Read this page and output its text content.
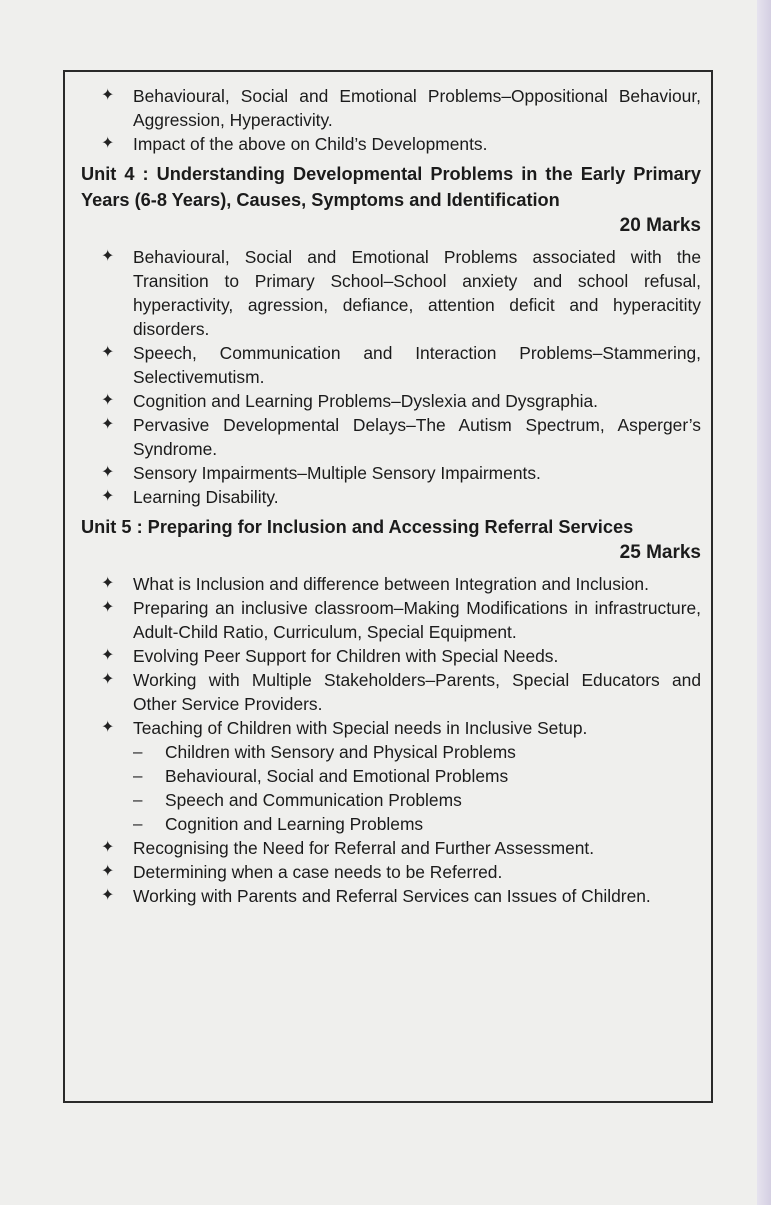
✦ Behavioural, Social and Emotional Problems–Oppositional Behaviour, Aggression, Hyperactivity.
✦ Impact of the above on Child’s Developments.

Unit 4 : Understanding Developmental Problems in the Early Primary Years (6-8 Years), Causes, Symptoms and Identification

20 Marks

✦ Behavioural, Social and Emotional Problems associated with the Transition to Primary School–School anxiety and school refusal, hyperactivity, agression, defiance, attention deficit and hyperacitity disorders.
✦ Speech, Communication and Interaction Problems–Stammering, Selectivemutism.
✦ Cognition and Learning Problems–Dyslexia and Dysgraphia.
✦ Pervasive Developmental Delays–The Autism Spectrum, Asperger’s Syndrome.
✦ Sensory Impairments–Multiple Sensory Impairments.
✦ Learning Disability.

Unit 5 : Preparing for Inclusion and Accessing Referral Services

25 Marks

✦ What is Inclusion and difference between Integration and Inclusion.
✦ Preparing an inclusive classroom–Making Modifications in infrastructure, Adult-Child Ratio, Curriculum, Special Equipment.
✦ Evolving Peer Support for Children with Special Needs.
✦ Working with Multiple Stakeholders–Parents, Special Educators and Other Service Providers.
✦ Teaching of Children with Special needs in Inclusive Setup.
– Children with Sensory and Physical Problems
– Behavioural, Social and Emotional Problems
– Speech and Communication Problems
– Cognition and Learning Problems
✦ Recognising the Need for Referral and Further Assessment.
✦ Determining when a case needs to be Referred.
✦ Working with Parents and Referral Services can Issues of Children.
